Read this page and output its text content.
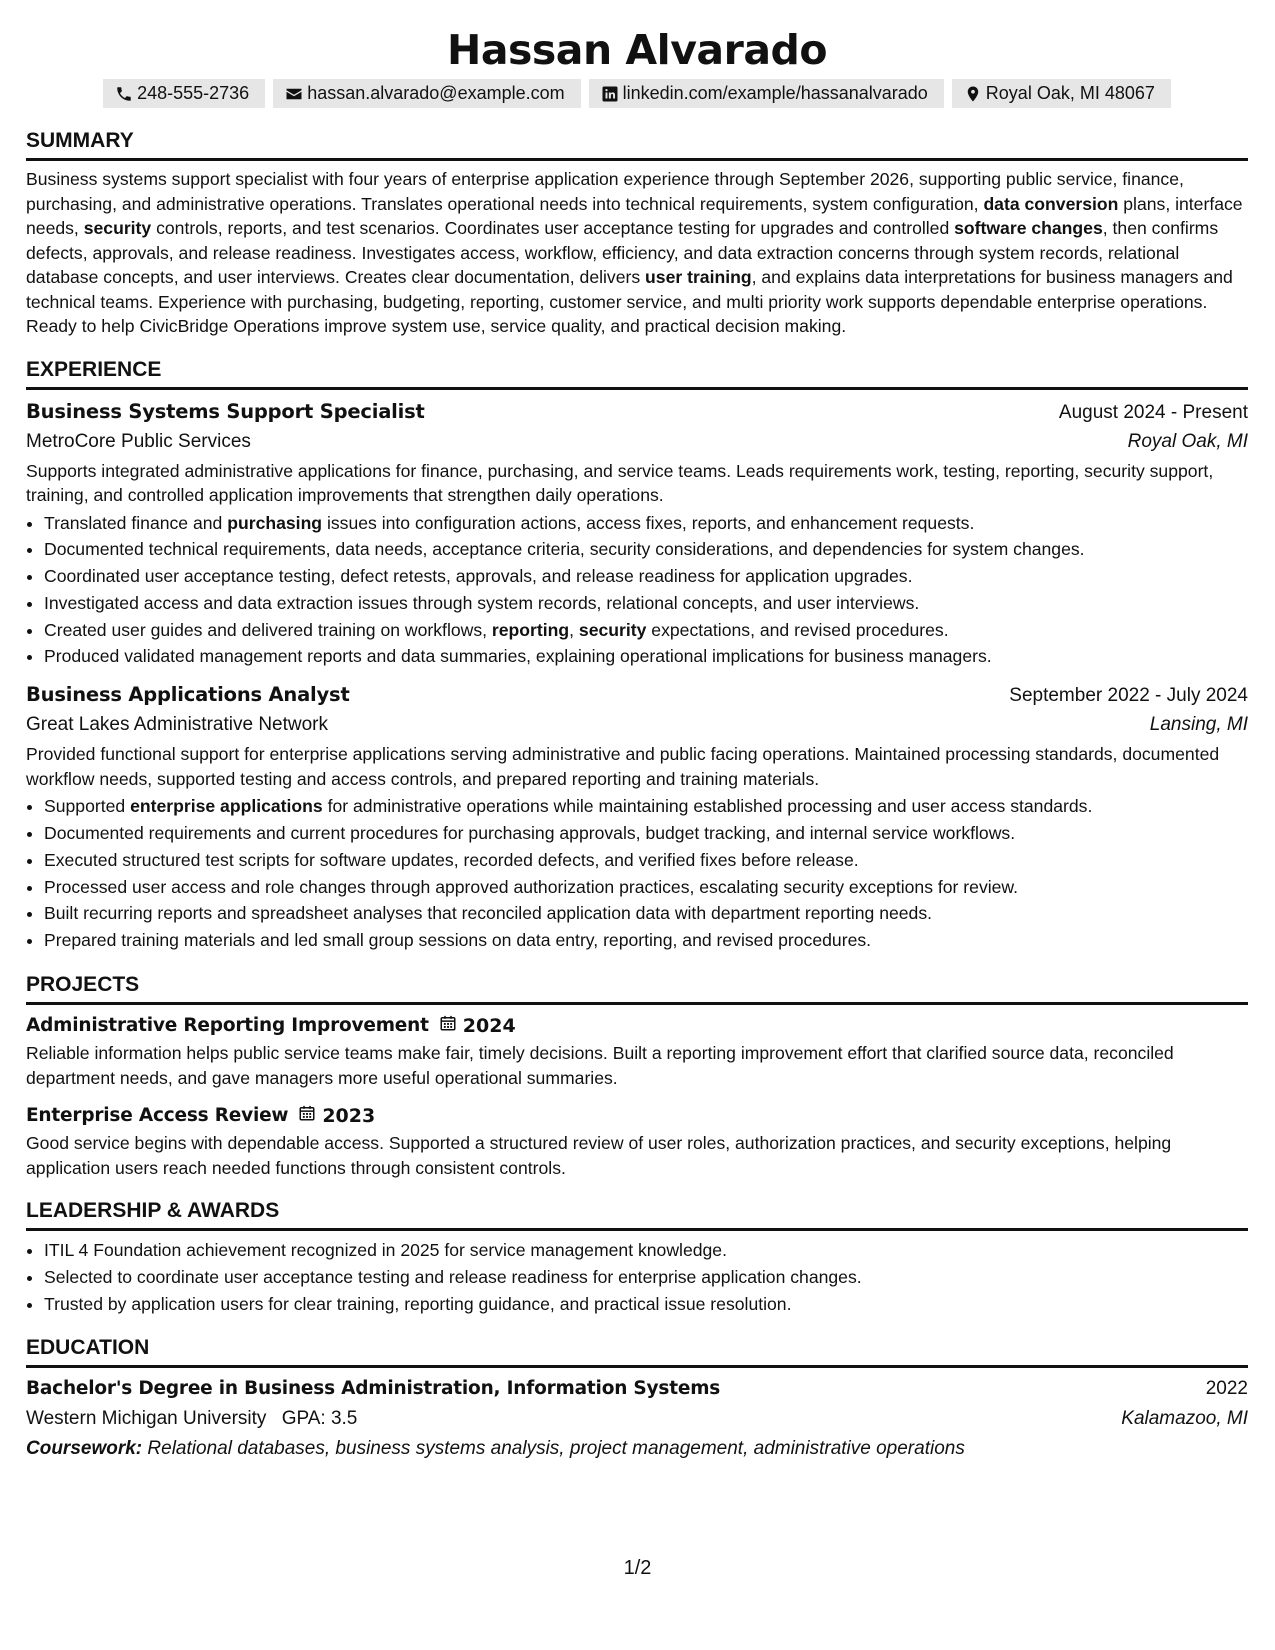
Hassan Alvarado
248-555-2736	hassan.alvarado@example.com	linkedin.com/example/hassanalvarado	Royal Oak, MI 48067
SUMMARY

Business systems support specialist with four years of enterprise application experience through September 2026, supporting public service, finance, purchasing, and administrative operations. Translates operational needs into technical requirements, system configuration, data conversion plans, interface needs, security controls, reports, and test scenarios. Coordinates user acceptance testing for upgrades and controlled software changes, then confirms defects, approvals, and release readiness. Investigates access, workflow, efficiency, and data extraction concerns through system records, relational database concepts, and user interviews. Creates clear documentation, delivers user training, and explains data interpretations for business managers and technical teams. Experience with purchasing, budgeting, reporting, customer service, and multi priority work supports dependable enterprise operations. Ready to help CivicBridge Operations improve system use, service quality, and practical decision making.

EXPERIENCE
Business Systems Support Specialist	August 2024 - Present
MetroCore Public Services	Royal Oak, MI

Supports integrated administrative applications for finance, purchasing, and service teams. Leads requirements work, testing, reporting, security support, training, and controlled application improvements that strengthen daily operations.

• Translated finance and purchasing issues into configuration actions, access fixes, reports, and enhancement requests.
• Documented technical requirements, data needs, acceptance criteria, security considerations, and dependencies for system changes.
• Coordinated user acceptance testing, defect retests, approvals, and release readiness for application upgrades.
• Investigated access and data extraction issues through system records, relational concepts, and user interviews.
• Created user guides and delivered training on workflows, reporting, security expectations, and revised procedures.
• Produced validated management reports and data summaries, explaining operational implications for business managers.
Business Applications Analyst	September 2022 - July 2024
Great Lakes Administrative Network	Lansing, MI

Provided functional support for enterprise applications serving administrative and public facing operations. Maintained processing standards, documented workflow needs, supported testing and access controls, and prepared reporting and training materials.

• Supported enterprise applications for administrative operations while maintaining established processing and user access standards.
• Documented requirements and current procedures for purchasing approvals, budget tracking, and internal service workflows.
• Executed structured test scripts for software updates, recorded defects, and verified fixes before release.
• Processed user access and role changes through approved authorization practices, escalating security exceptions for review.
• Built recurring reports and spreadsheet analyses that reconciled application data with department reporting needs.
• Prepared training materials and led small group sessions on data entry, reporting, and revised procedures.
PROJECTS
Administrative Reporting Improvement 2024

Reliable information helps public service teams make fair, timely decisions. Built a reporting improvement effort that clarified source data, reconciled department needs, and gave managers more useful operational summaries.

Enterprise Access Review 2023

Good service begins with dependable access. Supported a structured review of user roles, authorization practices, and security exceptions, helping application users reach needed functions through consistent controls.

LEADERSHIP & AWARDS
• ITIL 4 Foundation achievement recognized in 2025 for service management knowledge.
• Selected to coordinate user acceptance testing and release readiness for enterprise application changes.
• Trusted by application users for clear training, reporting guidance, and practical issue resolution.
EDUCATION
Bachelor's Degree in Business Administration, Information Systems	2022
Western Michigan University GPA: 3.5	Kalamazoo, MI
Coursework: Relational databases, business systems analysis, project management, administrative operations
1/2
